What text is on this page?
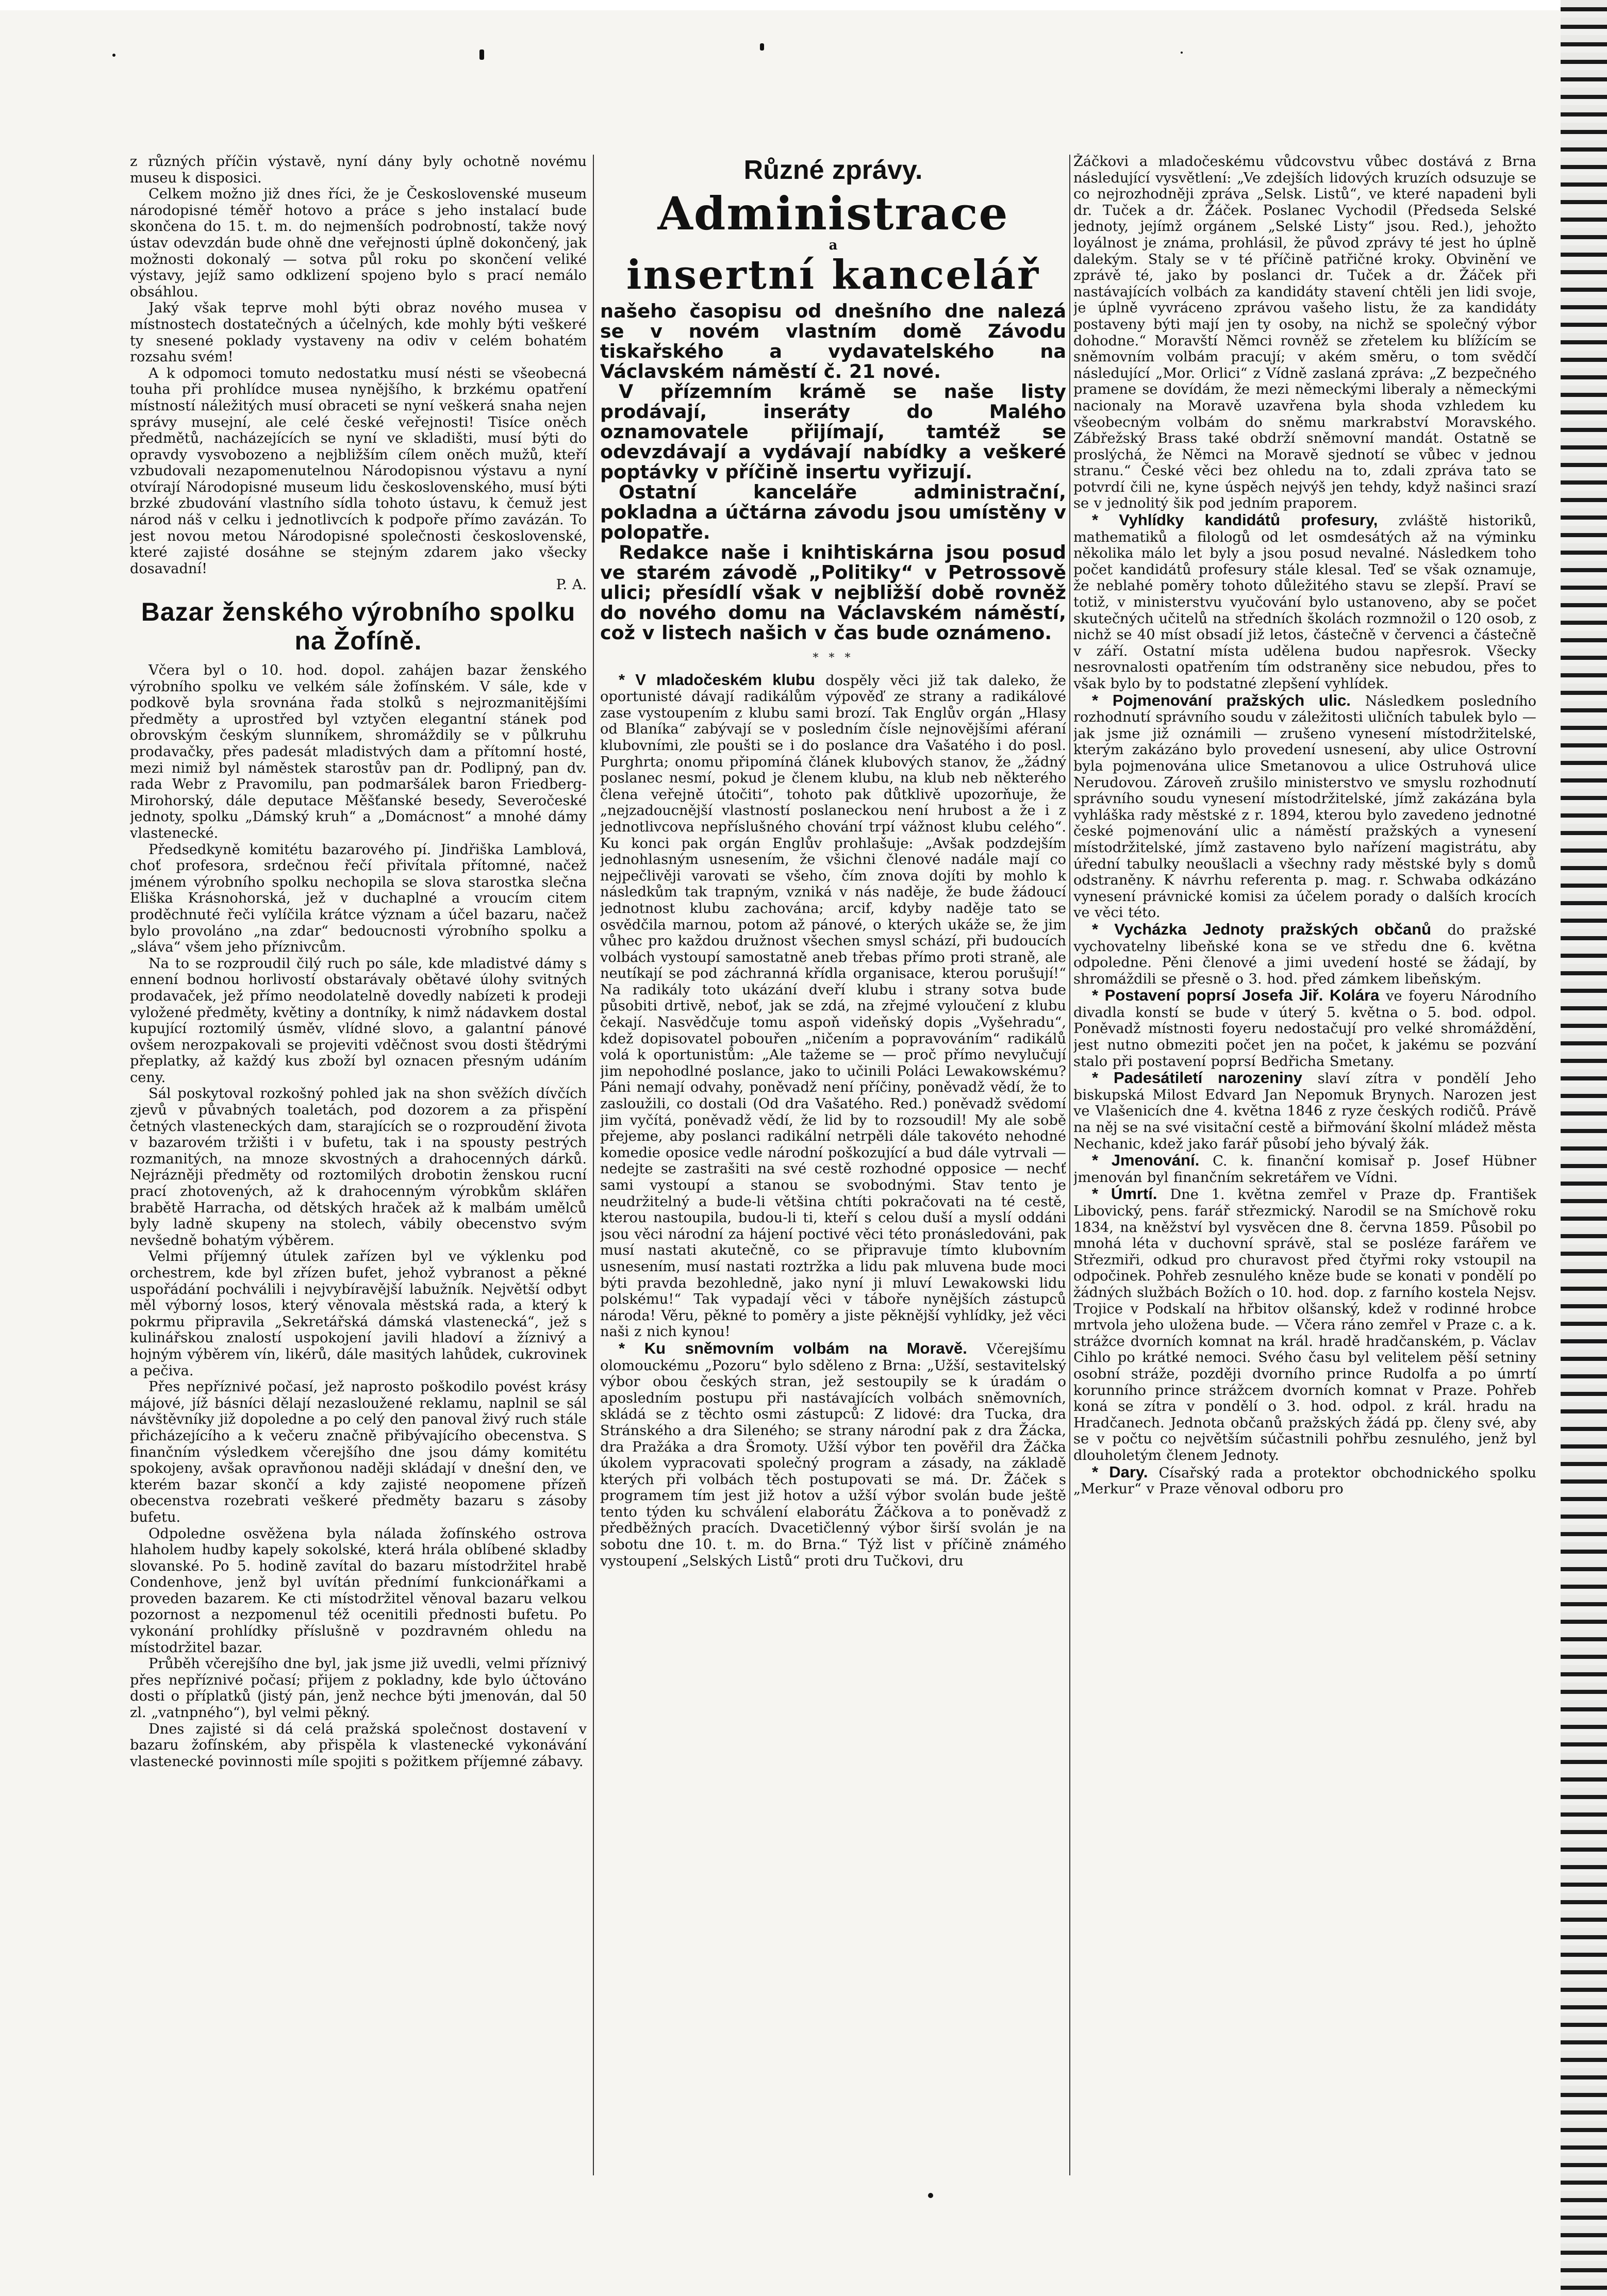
z různých příčin výstavě, nyní dány byly ochotně novému museu k disposici.

Celkem možno již dnes říci, že je Československé museum národopisné téměř hotovo a práce s jeho instalací bude skončena do 15. t. m. do nejmenších podrobností, takže nový ústav odevzdán bude ohně dne veřejnosti úplně dokončený, jak možnosti dokonalý — sotva půl roku po skončení veliké výstavy, jejíž samo odklizení spojeno bylo s prací nemálo obsáhlou.

Jaký však teprve mohl býti obraz nového musea v místnostech dostatečných a účelných, kde mohly býti veškeré ty snesené poklady vystaveny na odiv v celém bohatém rozsahu svém!

A k odpomoci tomuto nedostatku musí nésti se všeobecná touha při prohlídce musea nynějšího, k brzkému opatření místností náležitých musí obraceti se nyní veškerá snaha nejen správy musejní, ale celé české veřejnosti! Tisíce oněch předmětů, nacházejících se nyní ve skladišti, musí býti do opravdy vysvobozeno a nejbližším cílem oněch mužů, kteří vzbudovali nezapomenutelnou Národopisnou výstavu a nyní otvírají Národopisné museum lidu československého, musí býti brzké zbudování vlastního sídla tohoto ústavu, k čemuž jest národ náš v celku i jednotlivcích k podpoře přímo zavázán. To jest novou metou Národopisné společnosti československé, které zajisté dosáhne se stejným zdarem jako všecky dosavadní!

P. A.

Bazar ženského výrobního spolku na Žofíně.

Včera byl o 10. hod. dopol. zahájen bazar ženského výrobního spolku ve velkém sále žofínském. V sále, kde v podkově byla srovnána řada stolků s nejrozmanitějšími předměty a uprostřed byl vztyčen elegantní stánek pod obrovským českým slunníkem, shromáždily se v půlkruhu prodavačky, přes padesát mladistvých dam a přítomní hosté, mezi nimiž byl náměstek starostův pan dr. Podlipný, pan dv. rada Webr z Pravomilu, pan podmaršálek baron Friedberg-Mirohorský, dále deputace Měšťanské besedy, Severočeské jednoty, spolku „Dámský kruh“ a „Domácnost“ a mnohé dámy vlastenecké.

Předsedkyně komitétu bazarového pí. Jindřiška Lamblová, choť profesora, srdečnou řečí přivítala přítomné, načež jménem výrobního spolku nechopila se slova starostka slečna Eliška Krásnohorská, jež v duchaplné a vroucím citem proděchnuté řeči vylíčila krátce význam a účel bazaru, načež bylo provoláno „na zdar“ bedoucnosti výrobního spolku a „sláva“ všem jeho příznivcům.

Na to se rozproudil čilý ruch po sále, kde mladistvé dámy s ennení bodnou horlivostí obstarávaly obětavé úlohy svitných prodavaček, jež přímo neodolatelně dovedly nabízeti k prodeji vyložené předměty, květiny a dontníky, k nimž nádavkem dostal kupující roztomilý úsměv, vlídné slovo, a galantní pánové ovšem nerozpakovali se projeviti vděčnost svou dosti štědrými přeplatky, až každý kus zboží byl oznacen přesným udáním ceny.

Sál poskytoval rozkošný pohled jak na shon svěžích dívčích zjevů v půvabných toaletách, pod dozorem a za přispění četných vlasteneckých dam, starajících se o rozproudění života v bazarovém tržišti i v bufetu, tak i na spousty pestrých rozmanitých, na mnoze skvostných a drahocenných dárků. Nejrázněji předměty od roztomilých drobotin ženskou rucní prací zhotovených, až k drahocenným výrobkům sklářen brabětě Harracha, od dětských hraček až k malbám umělců byly ladně skupeny na stolech, vábily obecenstvo svým nevšedně bohatým výběrem.

Velmi příjemný útulek zařízen byl ve výklenku pod orchestrem, kde byl zřízen bufet, jehož vybranost a pěkné uspořádání pochválili i nejvybíravější labužník. Největší odbyt měl výborný losos, který věnovala městská rada, a který k pokrmu připravila „Sekretářská dámská vlastenecká“, jež s kulinářskou znalostí uspokojení javili hladoví a žíznivý a hojným výběrem vín, likérů, dále masitých lahůdek, cukrovinek a pečiva.

Přes nepříznivé počasí, jež naprosto poškodilo povést krásy májové, jíž básníci dělají nezasloužené reklamu, naplnil se sál návštěvníky již dopoledne a po celý den panoval živý ruch stále přicházejícího a k večeru značně přibývajícího obecenstva. S finančním výsledkem včerejšího dne jsou dámy komitétu spokojeny, avšak opravňonou naději skládají v dnešní den, ve kterém bazar skončí a kdy zajisté neopomene přízeň obecenstva rozebrati veškeré předměty bazaru s zásoby bufetu.

Odpoledne osvěžena byla nálada žofínského ostrova hlaholem hudby kapely sokolské, která hrála oblíbené skladby slovanské. Po 5. hodině zavítal do bazaru místodržitel hrabě Condenhove, jenž byl uvítán přednímí funkcionářkami a proveden bazarem. Ke cti místodržitel věnoval bazaru velkou pozornost a nezpomenul též ocenitili přednosti bufetu. Po vykonání prohlídky příslušně v pozdravném ohledu na místodržitel bazar.

Průběh včerejšího dne byl, jak jsme již uvedli, velmi příznivý přes nepříznivé počasí; přijem z pokladny, kde bylo účtováno dosti o příplatků (jistý pán, jenž nechce býti jmenován, dal 50 zl. „vatnpného“), byl velmi pěkný.

Dnes zajisté si dá celá pražská společnost dostavení v bazaru žofínském, aby přispěla k vlastenecké vykonávání vlastenecké povinnosti míle spojiti s požitkem příjemné zábavy.

Různé zprávy.
Administrace
a
insertní kancelář

našeho časopisu od dnešního dne nalezá se v novém vlastním domě Závodu tiskařského a vydavatelského na Václavském náměstí č. 21 nové.

V přízemním krámě se naše listy prodávají, inseráty do Malého oznamovatele přijímají, tamtéž se odevzdávají a vydávají nabídky a veškeré poptávky v příčině insertu vyřizují.

Ostatní kanceláře administrační, pokladna a účtárna závodu jsou umístěny v polopatře.

Redakce naše i knihtiskárna jsou posud ve starém závodě „Politiky“ v Petrossově ulici; přesídlí však v nejbližší době rovněž do nového domu na Václavském náměstí, což v listech našich v čas bude oznámeno.

* * *

* V mladočeském klubu dospěly věci již tak daleko, že oportunisté dávají radikálům výpověď ze strany a radikálové zase vystoupením z klubu sami brozí. Tak Englův orgán „Hlasy od Blaníka“ zabývají se v posledním čísle nejnovějšími aféraní klubovními, zle poušti se i do poslance dra Vašatého i do posl. Purghrta; onomu připomíná článek klubových stanov, že „žádný poslanec nesmí, pokud je členem klubu, na klub neb některého člena veřejně útočiti“, tohoto pak důtklivě upozorňuje, že „nejzadoucnější vlastností poslaneckou není hrubost a že i z jednotlivcova nepříslušného chování trpí vážnost klubu celého“. Ku konci pak orgán Englův prohlašuje: „Avšak podzdejším jednohlasným usnesením, že všichni členové nadále mají co nejpečlivěji varovati se všeho, čím znova dojíti by mohlo k následkům tak trapným, vzniká v nás naděje, že bude žádoucí jednotnost klubu zachována; arcif, kdyby naděje tato se osvědčila marnou, potom až pánové, o kterých ukáže se, že jim vůhec pro každou družnost všechen smysl schází, při budoucích volbách vystoupí samostatně aneb třebas přímo proti straně, ale neutíkají se pod záchranná křídla organisace, kterou porušují!“ Na radikály toto ukázání dveří klubu i strany sotva bude působiti drtivě, neboť, jak se zdá, na zřejmé vyloučení z klubu čekají. Nasvědčuje tomu aspoň videňský dopis „Vyšehradu“, kdež dopisovatel pobouřen „ničením a popravováním“ radikálů volá k oportunistům: „Ale tažeme se — proč přímo nevylučují jim nepohodlné poslance, jako to učinili Poláci Lewakowskému? Páni nemají odvahy, poněvadž není příčiny, poněvadž vědí, že to zasloužili, co dostali (Od dra Vašatého. Red.) poněvadž svědomí jim vyčítá, poněvadž vědí, že lid by to rozsoudil! My ale sobě přejeme, aby poslanci radikální netrpěli dále takovéto nehodné komedie oposice vedle národní poškozující a bud dále vytrvali — nedejte se zastrašiti na své cestě rozhodné opposice — nechť sami vystoupí a stanou se svobodnými. Stav tento je neudržitelný a bude-li většina chtíti pokračovati na té cestě, kterou nastoupila, budou-li ti, kteří s celou duší a myslí oddáni jsou věci národní za hájení poctivé věci této pronásledováni, pak musí nastati akutečně, co se připravuje tímto klubovním usnesením, musí nastati roztržka a lidu pak mluvena bude moci býti pravda bezohledně, jako nyní ji mluví Lewakowski lidu polskému!“ Tak vypadají věci v táboře nynějších zástupců národa! Věru, pěkné to poměry a jiste pěknější vyhlídky, jež věci naši z nich kynou!

* Ku sněmovním volbám na Moravě. Včerejšímu olomouckému „Pozoru“ bylo sděleno z Brna: „Užší, sestavitelský výbor obou českých stran, jež sestoupily se k úradám o aposledním postupu při nastávajících volbách sněmovních, skládá se z těchto osmi zástupců: Z lidové: dra Tucka, dra Stránského a dra Sileného; se strany národní pak z dra Žácka, dra Pražáka a dra Šromoty. Užší výbor ten pověřil dra Žáčka úkolem vypracovati společný program a zásady, na základě kterých při volbách těch postupovati se má. Dr. Žáček s programem tím jest již hotov a užší výbor svolán bude ještě tento týden ku schválení elaborátu Žáčkova a to poněvadž z předběžných pracích. Dvacetičlenný výbor širší svolán je na sobotu dne 10. t. m. do Brna.“ Týž list v příčině známého vystoupení „Selských Listů“ proti dru Tučkovi, dru

Žáčkovi a mladočeskému vůdcovstvu vůbec dostává z Brna následující vysvětlení: „Ve zdejších lidových kruzích odsuzuje se co nejrozhodněji zpráva „Selsk. Listů“, ve které napadeni byli dr. Tuček a dr. Žáček. Poslanec Vychodil (Předseda Selské jednoty, jejímž orgánem „Selské Listy“ jsou. Red.), jehožto loyálnost je známa, prohlásil, že původ zprávy té jest ho úplně dalekým. Staly se v té příčině patřičné kroky. Obvinění ve zprávě té, jako by poslanci dr. Tuček a dr. Žáček při nastávajících volbách za kandidáty stavení chtěli jen lidi svoje, je úplně vyvráceno zprávou vašeho listu, že za kandidáty postaveny býti mají jen ty osoby, na nichž se společný výbor dohodne.“ Moravští Němci rovněž se zřetelem ku blížícím se sněmovním volbám pracují; v akém směru, o tom svědčí následující „Mor. Orlici“ z Vídně zaslaná zpráva: „Z bezpečného pramene se dovídám, že mezi německými liberaly a německými nacionaly na Moravě uzavřena byla shoda vzhledem ku všeobecným volbám do sněmu markrabství Moravského. Zábřežský Brass také obdrží sněmovní mandát. Ostatně se proslýchá, že Němci na Moravě sjednotí se vůbec v jednou stranu.“ České věci bez ohledu na to, zdali zpráva tato se potvrdí čili ne, kyne úspěch nejvýš jen tehdy, když našinci srazí se v jednolitý šik pod jedním praporem.

* Vyhlídky kandidátů profesury, zvláště historiků, mathematiků a filologů od let osmdesátých až na výminku několika málo let byly a jsou posud nevalné. Následkem toho počet kandidátů profesury stále klesal. Teď se však oznamuje, že neblahé poměry tohoto důležitého stavu se zlepší. Praví se totiž, v ministerstvu vyučování bylo ustanoveno, aby se počet skutečných učitelů na středních školách rozmnožil o 120 osob, z nichž se 40 míst obsadí již letos, částečně v červenci a částečně v září. Ostatní místa udělena budou napřesrok. Všecky nesrovnalosti opatřením tím odstraněny sice nebudou, přes to však bylo by to podstatné zlepšení vyhlídek.

* Pojmenování pražských ulic. Následkem posledního rozhodnutí správního soudu v záležitosti uličních tabulek bylo — jak jsme již oznámili — zrušeno vynesení místodržitelské, kterým zakázáno bylo provedení usnesení, aby ulice Ostrovní byla pojmenována ulice Smetanovou a ulice Ostruhová ulice Nerudovou. Zároveň zrušilo ministerstvo ve smyslu rozhodnutí správního soudu vynesení místodržitelské, jímž zakázána byla vyhláška rady městské z r. 1894, kterou bylo zavedeno jednotné české pojmenování ulic a náměstí pražských a vynesení místodržitelské, jímž zastaveno bylo nařízení magistrátu, aby úřední tabulky neoušlacli a všechny rady městské byly s domů odstraněny. K návrhu referenta p. mag. r. Schwaba odkázáno vynesení právnické komisi za účelem porady o dalších krocích ve věci této.

* Vycházka Jednoty pražských občanů do pražské vychovatelny libeňské kona se ve středu dne 6. května odpoledne. Pěni členové a jimi uvedení hosté se žádají, by shromáždili se přesně o 3. hod. před zámkem libeňským.

* Postavení poprsí Josefa Jiř. Kolára ve foyeru Národního divadla konstí se bude v úterý 5. května o 5. bod. odpol. Poněvadž místnosti foyeru nedostačují pro velké shromáždění, jest nutno obmeziti počet jen na počet, k jakému se pozvání stalo při postavení poprsí Bedřicha Smetany.

* Padesátiletí narozeniny slaví zítra v pondělí Jeho biskupská Milost Edvard Jan Nepomuk Brynych. Narozen jest ve Vlašenicích dne 4. května 1846 z ryze českých rodičů. Právě na něj se na své visitační cestě a biřmování školní mládež města Nechanic, kdež jako farář působí jeho bývalý žák.

* Jmenování. C. k. finanční komisař p. Josef Hübner jmenován byl finančním sekretářem ve Vídni.

* Úmrtí. Dne 1. května zemřel v Praze dp. František Libovický, pens. farář střezmický. Narodil se na Smíchově roku 1834, na kněžství byl vysvěcen dne 8. června 1859. Působil po mnohá léta v duchovní správě, stal se posléze farářem ve Střezmiři, odkud pro churavost před čtyřmi roky vstoupil na odpočinek. Pohřeb zesnulého kněze bude se konati v pondělí po žádných službách Božích o 10. hod. dop. z farního kostela Nejsv. Trojice v Podskalí na hřbitov olšanský, kdež v rodinné hrobce mrtvola jeho uložena bude. — Včera ráno zemřel v Praze c. a k. strážce dvorních komnat na král. hradě hradčanském, p. Václav Cihlo po krátké nemoci. Svého času byl velitelem pěší setniny osobní stráže, později dvorního prince Rudolfa a po úmrtí korunního prince strážcem dvorních komnat v Praze. Pohřeb koná se zítra v pondělí o 3. hod. odpol. z král. hradu na Hradčanech. Jednota občanů pražských žádá pp. členy své, aby se v počtu co největším súčastnili pohřbu zesnulého, jenž byl dlouholetým členem Jednoty.

* Dary. Císařský rada a protektor obchodnického spolku „Merkur“ v Praze věnoval odboru pro
